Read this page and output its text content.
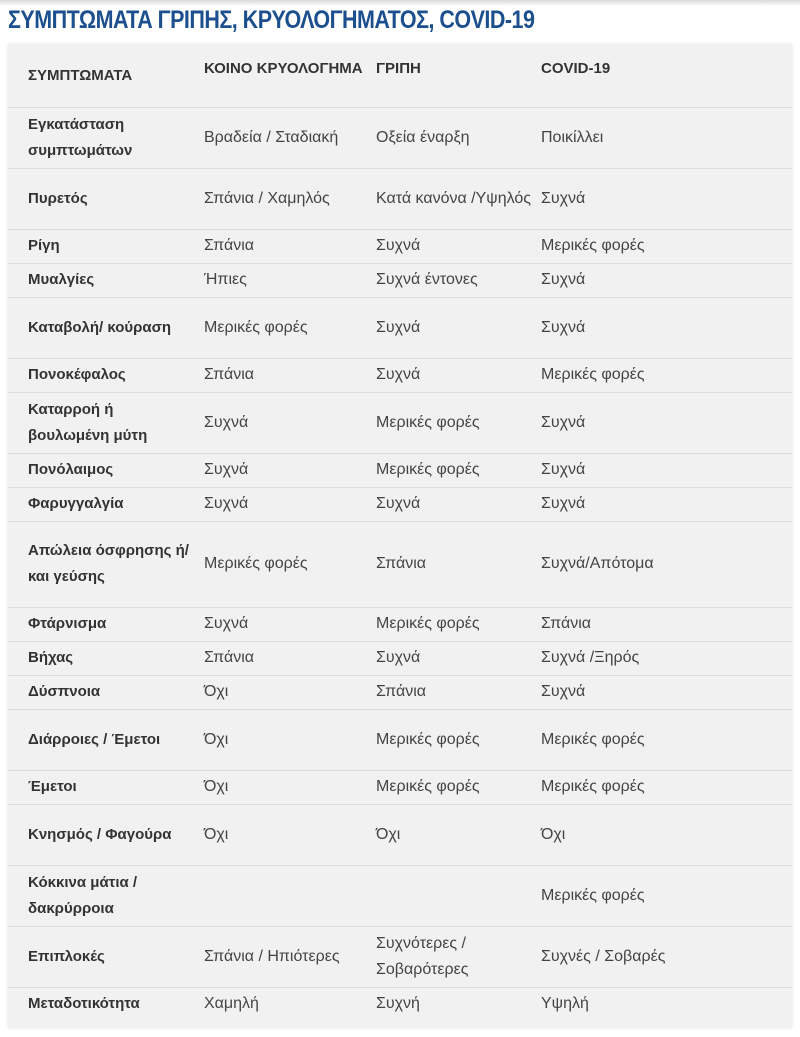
ΣΥΜΠΤΩΜΑΤΑ ΓΡΙΠΗΣ, ΚΡΥΟΛΟΓΗΜΑΤΟΣ, COVID-19
ΣΥΜΠΤΩΜΑΤΑ	ΚΟΙΝΟ ΚΡΥΟΛΟΓΗΜΑ	ΓΡΙΠΗ	COVID-19
Εγκατάσταση συμπτωμάτων	Βραδεία / Σταδιακή	Οξεία έναρξη	Ποικίλλει
Πυρετός	Σπάνια / Χαμηλός	Κατά κανόνα /Υψηλός	Συχνά
Ρίγη	Σπάνια	Συχνά	Μερικές φορές
Μυαλγίες	Ήπιες	Συχνά έντονες	Συχνά
Καταβολή/ κούραση	Μερικές φορές	Συχνά	Συχνά
Πονοκέφαλος	Σπάνια	Συχνά	Μερικές φορές
Καταρροή ή βουλωμένη μύτη	Συχνά	Μερικές φορές	Συχνά
Πονόλαιμος	Συχνά	Μερικές φορές	Συχνά
Φαρυγγαλγία	Συχνά	Συχνά	Συχνά
Απώλεια όσφρησης ή/και γεύσης	Μερικές φορές	Σπάνια	Συχνά/Απότομα
Φτάρνισμα	Συχνά	Μερικές φορές	Σπάνια
Βήχας	Σπάνια	Συχνά	Συχνά /Ξηρός
Δύσπνοια	Όχι	Σπάνια	Συχνά
Διάρροιες / Έμετοι	Όχι	Μερικές φορές	Μερικές φορές
Έμετοι	Όχι	Μερικές φορές	Μερικές φορές
Κνησμός / Φαγούρα	Όχι	Όχι	Όχι
Κόκκινα μάτια / δακρύρροια			Μερικές φορές
Επιπλοκές	Σπάνια / Ηπιότερες	Συχνότερες / Σοβαρότερες	Συχνές / Σοβαρές
Μεταδοτικότητα	Χαμηλή	Συχνή	Υψηλή
